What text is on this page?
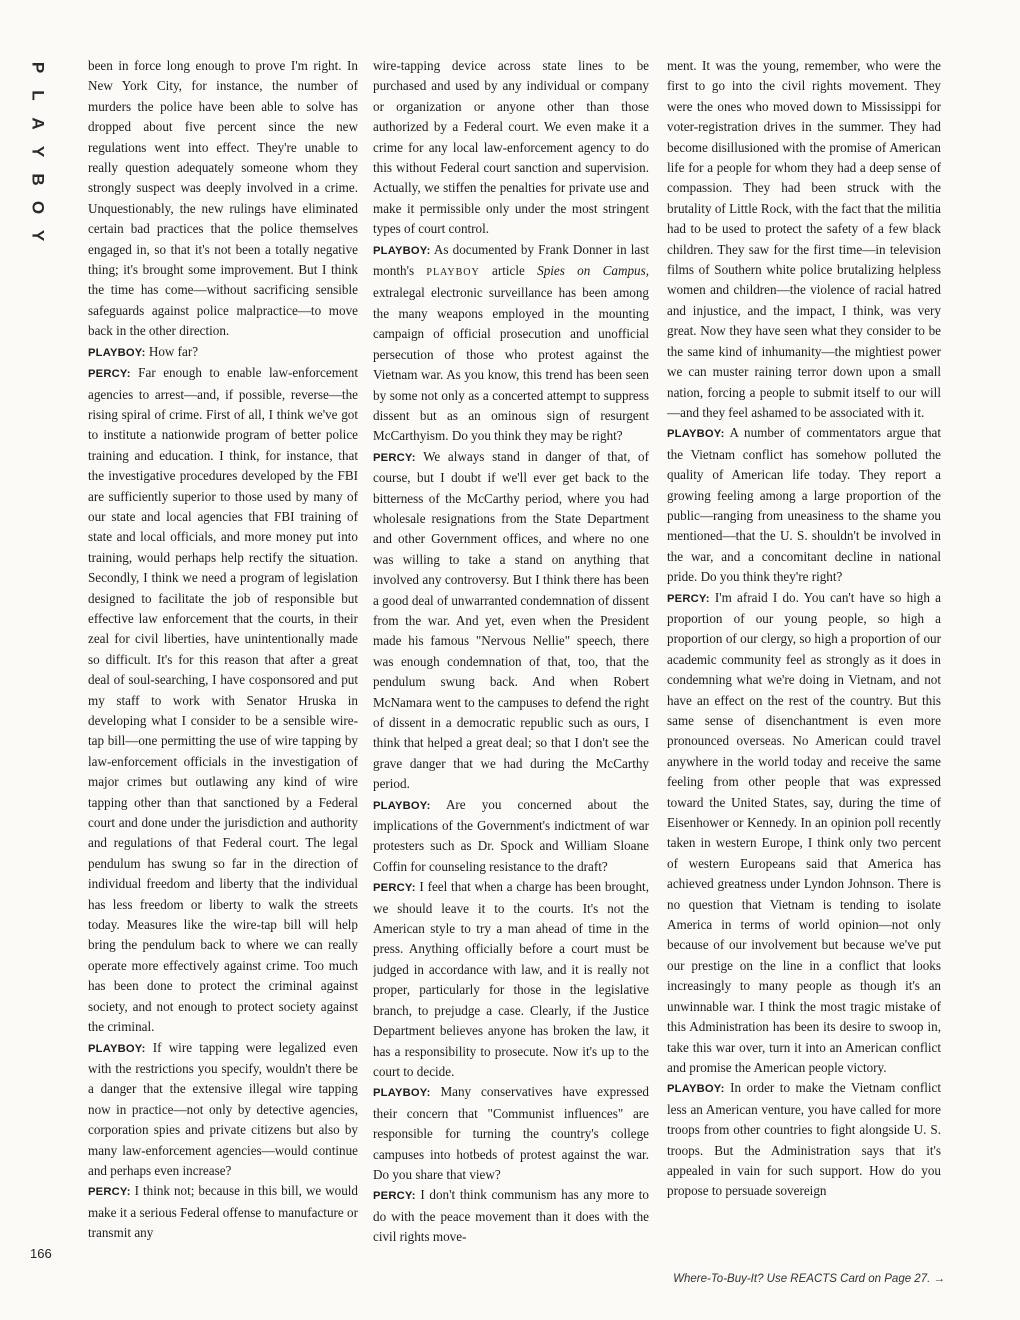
P
L
A
Y
B
O
Y

been in force long enough to prove I'm right. In New York City, for instance, the number of murders the police have been able to solve has dropped about five percent since the new regulations went into effect. They're unable to really question adequately someone whom they strongly suspect was deeply involved in a crime. Unquestionably, the new rulings have eliminated certain bad practices that the police themselves engaged in, so that it's not been a totally negative thing; it's brought some improvement. But I think the time has come—without sacrificing sensible safeguards against police malpractice—to move back in the other direction.

PLAYBOY: How far?

PERCY: Far enough to enable law-enforcement agencies to arrest—and, if possible, reverse—the rising spiral of crime. First of all, I think we've got to institute a nationwide program of better police training and education. I think, for instance, that the investigative procedures developed by the FBI are sufficiently superior to those used by many of our state and local agencies that FBI training of state and local officials, and more money put into training, would perhaps help rectify the situation. Secondly, I think we need a program of legislation designed to facilitate the job of responsible but effective law enforcement that the courts, in their zeal for civil liberties, have unintentionally made so difficult. It's for this reason that after a great deal of soul-searching, I have cosponsored and put my staff to work with Senator Hruska in developing what I consider to be a sensible wire-tap bill—one permitting the use of wire tapping by law-enforcement officials in the investigation of major crimes but outlawing any kind of wire tapping other than that sanctioned by a Federal court and done under the jurisdiction and authority and regulations of that Federal court. The legal pendulum has swung so far in the direction of individual freedom and liberty that the individual has less freedom or liberty to walk the streets today. Measures like the wire-tap bill will help bring the pendulum back to where we can really operate more effectively against crime. Too much has been done to protect the criminal against society, and not enough to protect society against the criminal.

PLAYBOY: If wire tapping were legalized even with the restrictions you specify, wouldn't there be a danger that the extensive illegal wire tapping now in practice—not only by detective agencies, corporation spies and private citizens but also by many law-enforcement agencies—would continue and perhaps even increase?

PERCY: I think not; because in this bill, we would make it a serious Federal offense to manufacture or transmit any

wire-tapping device across state lines to be purchased and used by any individual or company or organization or anyone other than those authorized by a Federal court. We even make it a crime for any local law-enforcement agency to do this without Federal court sanction and supervision. Actually, we stiffen the penalties for private use and make it permissible only under the most stringent types of court control.

PLAYBOY: As documented by Frank Donner in last month's PLAYBOY article Spies on Campus, extralegal electronic surveillance has been among the many weapons employed in the mounting campaign of official prosecution and unofficial persecution of those who protest against the Vietnam war. As you know, this trend has been seen by some not only as a concerted attempt to suppress dissent but as an ominous sign of resurgent McCarthyism. Do you think they may be right?

PERCY: We always stand in danger of that, of course, but I doubt if we'll ever get back to the bitterness of the McCarthy period, where you had wholesale resignations from the State Department and other Government offices, and where no one was willing to take a stand on anything that involved any controversy. But I think there has been a good deal of unwarranted condemnation of dissent from the war. And yet, even when the President made his famous "Nervous Nellie" speech, there was enough condemnation of that, too, that the pendulum swung back. And when Robert McNamara went to the campuses to defend the right of dissent in a democratic republic such as ours, I think that helped a great deal; so that I don't see the grave danger that we had during the McCarthy period.

PLAYBOY: Are you concerned about the implications of the Government's indictment of war protesters such as Dr. Spock and William Sloane Coffin for counseling resistance to the draft?

PERCY: I feel that when a charge has been brought, we should leave it to the courts. It's not the American style to try a man ahead of time in the press. Anything officially before a court must be judged in accordance with law, and it is really not proper, particularly for those in the legislative branch, to prejudge a case. Clearly, if the Justice Department believes anyone has broken the law, it has a responsibility to prosecute. Now it's up to the court to decide.

PLAYBOY: Many conservatives have expressed their concern that "Communist influences" are responsible for turning the country's college campuses into hotbeds of protest against the war. Do you share that view?

PERCY: I don't think communism has any more to do with the peace movement than it does with the civil rights move-

ment. It was the young, remember, who were the first to go into the civil rights movement. They were the ones who moved down to Mississippi for voter-registration drives in the summer. They had become disillusioned with the promise of American life for a people for whom they had a deep sense of compassion. They had been struck with the brutality of Little Rock, with the fact that the militia had to be used to protect the safety of a few black children. They saw for the first time—in television films of Southern white police brutalizing helpless women and children—the violence of racial hatred and injustice, and the impact, I think, was very great. Now they have seen what they consider to be the same kind of inhumanity—the mightiest power we can muster raining terror down upon a small nation, forcing a people to submit itself to our will—and they feel ashamed to be associated with it.

PLAYBOY: A number of commentators argue that the Vietnam conflict has somehow polluted the quality of American life today. They report a growing feeling among a large proportion of the public—ranging from uneasiness to the shame you mentioned—that the U. S. shouldn't be involved in the war, and a concomitant decline in national pride. Do you think they're right?

PERCY: I'm afraid I do. You can't have so high a proportion of our young people, so high a proportion of our clergy, so high a proportion of our academic community feel as strongly as it does in condemning what we're doing in Vietnam, and not have an effect on the rest of the country. But this same sense of disenchantment is even more pronounced overseas. No American could travel anywhere in the world today and receive the same feeling from other people that was expressed toward the United States, say, during the time of Eisenhower or Kennedy. In an opinion poll recently taken in western Europe, I think only two percent of western Europeans said that America has achieved greatness under Lyndon Johnson. There is no question that Vietnam is tending to isolate America in terms of world opinion—not only because of our involvement but because we've put our prestige on the line in a conflict that looks increasingly to many people as though it's an unwinnable war. I think the most tragic mistake of this Administration has been its desire to swoop in, take this war over, turn it into an American conflict and promise the American people victory.

PLAYBOY: In order to make the Vietnam conflict less an American venture, you have called for more troops from other countries to fight alongside U. S. troops. But the Administration says that it's appealed in vain for such support. How do you propose to persuade sovereign

166
Where-To-Buy-It? Use REACTS Card on Page 27. →
